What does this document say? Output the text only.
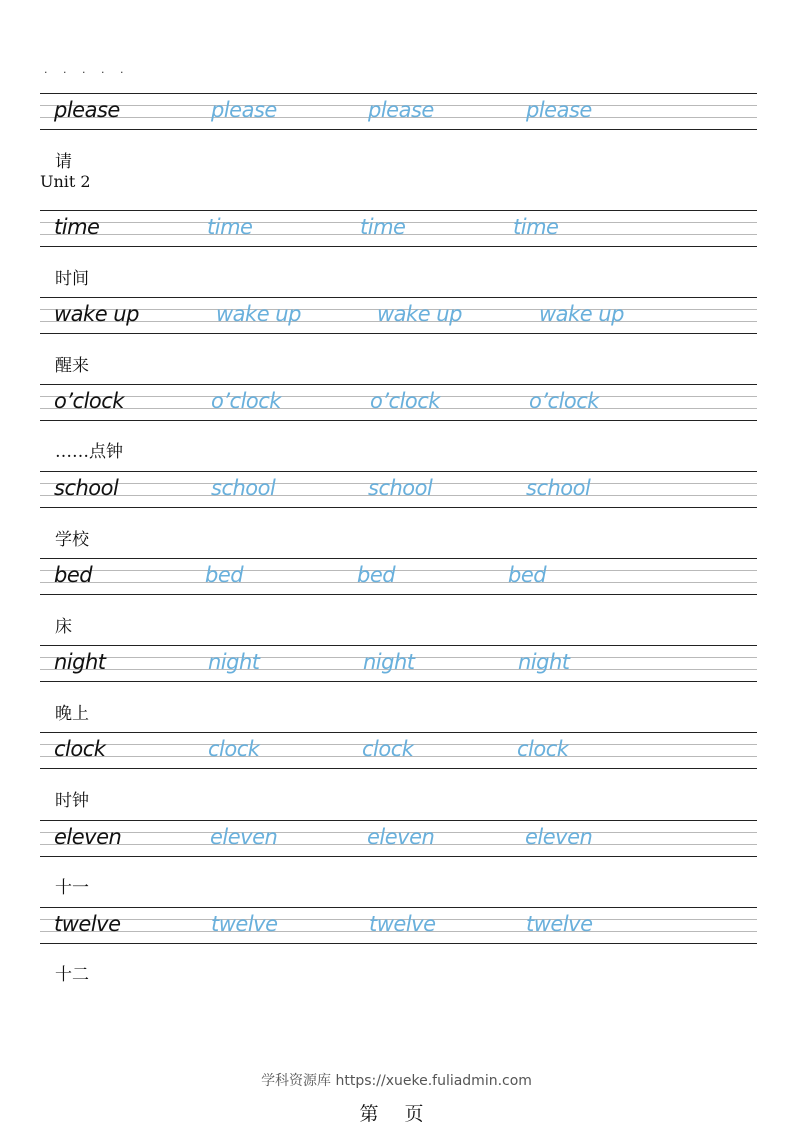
· · · · ·
please	please	please	please
请
Unit 2
time	time	time	time
时间
wake up	wake up	wake up	wake up
醒来
o’clock	o’clock	o’clock	o’clock
……点钟
school	school	school	school
学校
bed	bed	bed	bed
床
night	night	night	night
晚上
clock	clock	clock	clock
时钟
eleven	eleven	eleven	eleven
十一
twelve	twelve	twelve	twelve
十二
学科资源库 https://xueke.fuliadmin.com
第 页
